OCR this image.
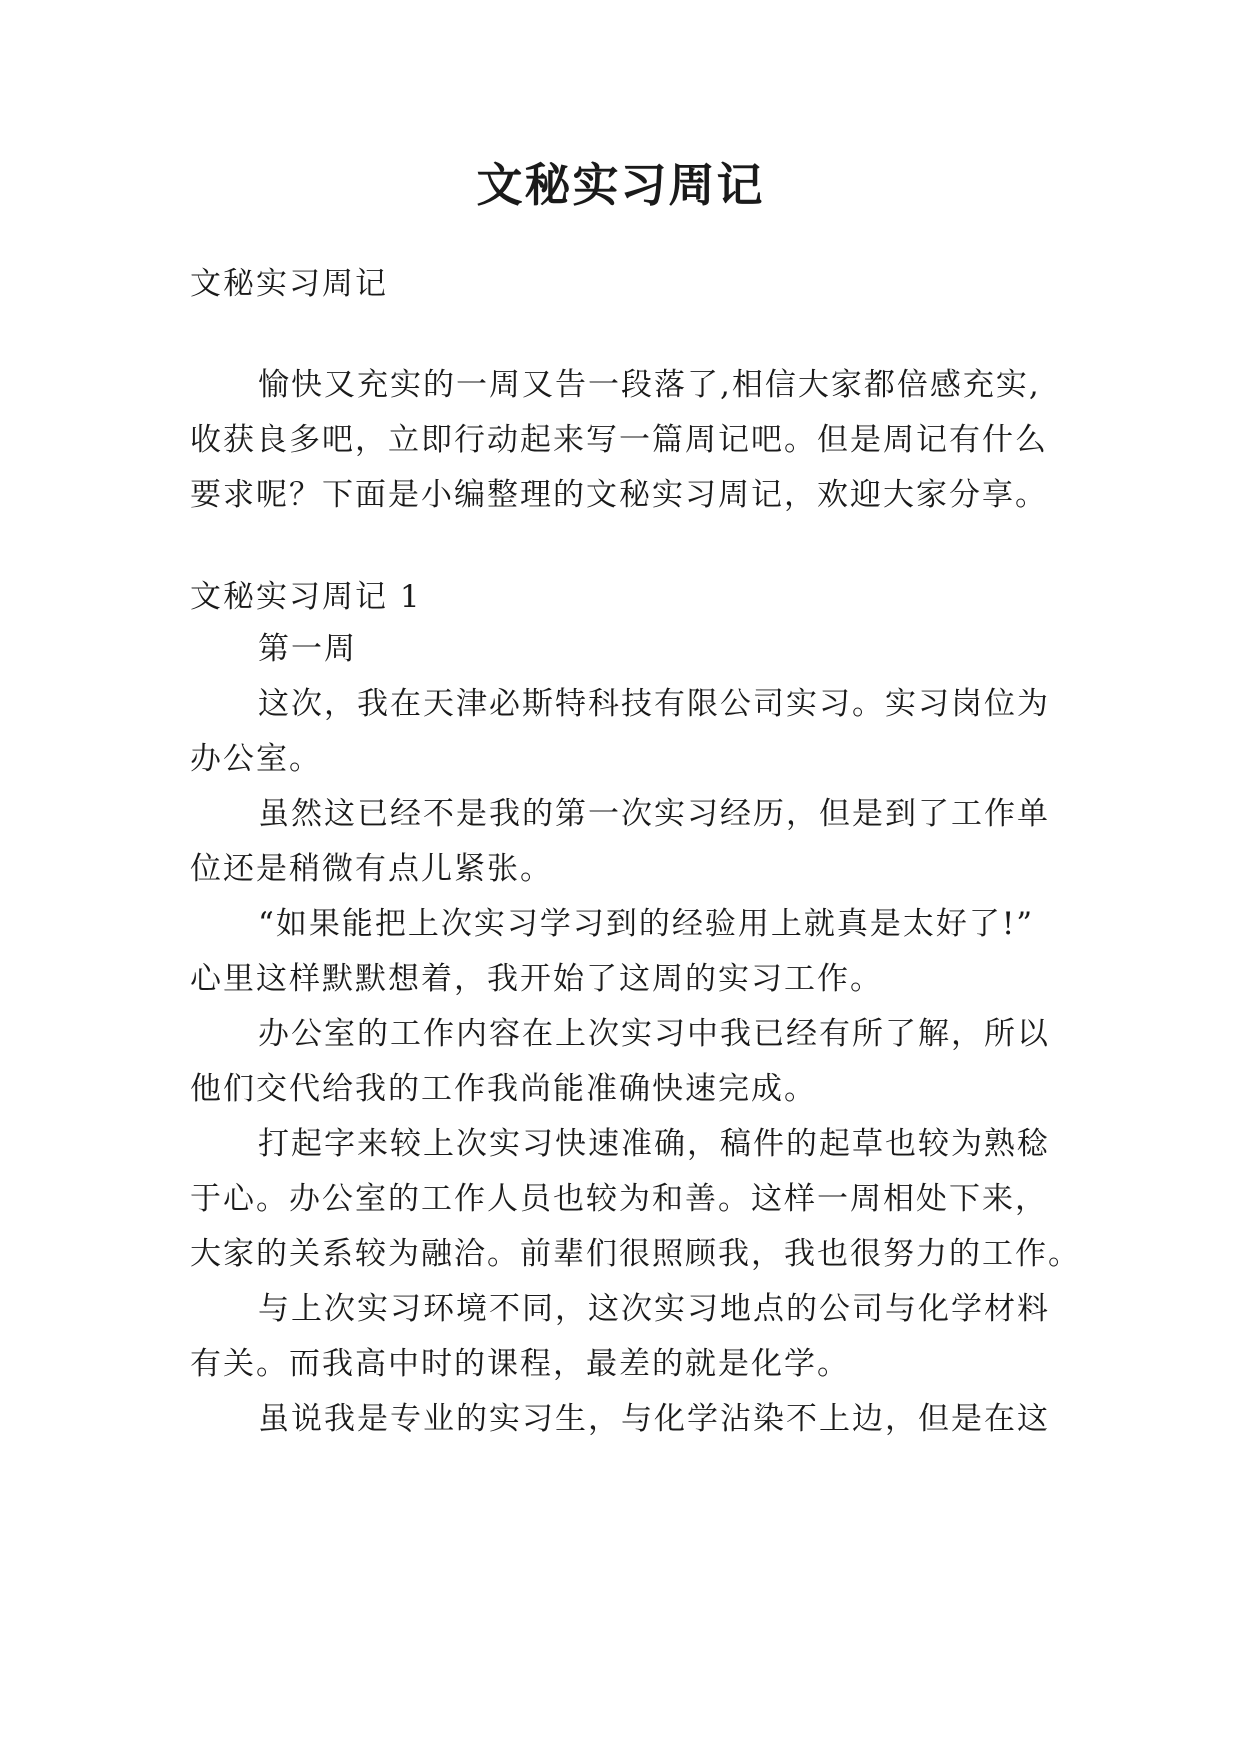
文秘实习周记
文秘实习周记
愉快又充实的一周又告一段落了,相信大家都倍感充实,
收获良多吧，立即行动起来写一篇周记吧。但是周记有什么
要求呢？下面是小编整理的文秘实习周记，欢迎大家分享。
文秘实习周记 1
第一周
这次，我在天津必斯特科技有限公司实习。实习岗位为
办公室。
虽然这已经不是我的第一次实习经历，但是到了工作单
位还是稍微有点儿紧张。
“如果能把上次实习学习到的经验用上就真是太好了!”
心里这样默默想着，我开始了这周的实习工作。
办公室的工作内容在上次实习中我已经有所了解，所以
他们交代给我的工作我尚能准确快速完成。
打起字来较上次实习快速准确，稿件的起草也较为熟稔
于心。办公室的工作人员也较为和善。这样一周相处下来，
大家的关系较为融洽。前辈们很照顾我，我也很努力的工作。
与上次实习环境不同，这次实习地点的公司与化学材料
有关。而我高中时的课程，最差的就是化学。
虽说我是专业的实习生，与化学沾染不上边，但是在这
